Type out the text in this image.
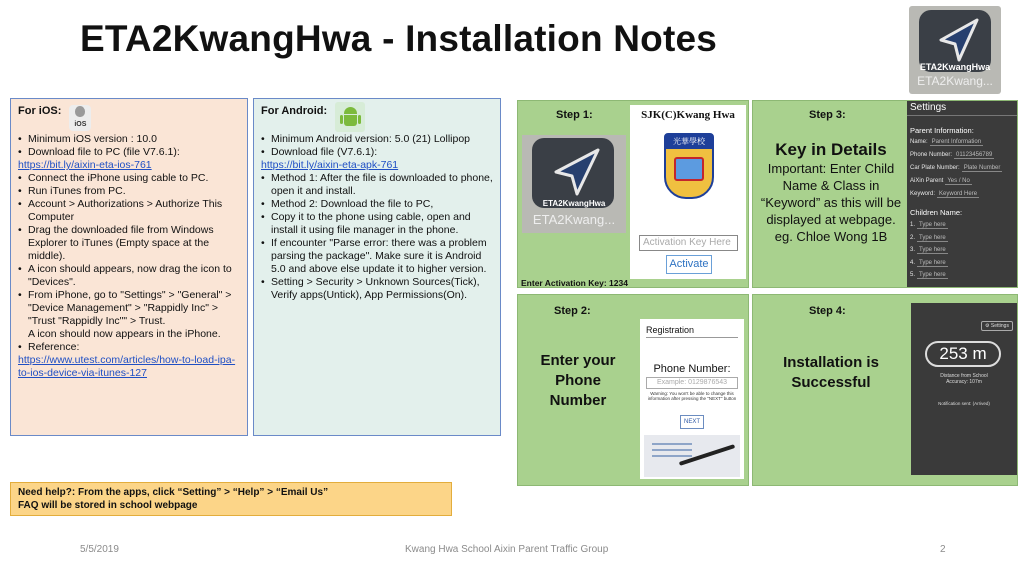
ETA2KwangHwa - Installation Notes
ETA2KwangHwa
ETA2Kwang...
For iOS:
iOS
• Minimum iOS version : 10.0
• Download file to PC (file V7.6.1):
https://bit.ly/aixin-eta-ios-761
• Connect the iPhone using cable to PC.
• Run iTunes from PC.
• Account > Authorizations > Authorize This Computer
• Drag the downloaded file from Windows Explorer to iTunes (Empty space at the middle).
• A icon should appears, now drag the icon to "Devices".
• From iPhone, go to "Settings" > "General" > "Device Management" > "Rappidly Inc" > "Trust "Rappidly Inc"" > Trust.
A icon should now appears in the iPhone.
• Reference:
https://www.utest.com/articles/how-to-load-ipa-to-ios-device-via-itunes-127
For Android:
• Minimum Android version: 5.0 (21) Lollipop
• Download file (V7.6.1):
https://bit.ly/aixin-eta-apk-761
• Method 1: After the file is downloaded to phone, open it and install.
• Method 2: Download the file to PC,
• Copy it to the phone using cable, open and install it using file manager in the phone.
• If encounter "Parse error: there was a problem parsing the package". Make sure it is Android 5.0 and above else update it to higher version.
• Setting > Security > Unknown Sources(Tick), Verify apps(Untick), App Permissions(On).
Step 1:
ETA2KwangHwa
ETA2Kwang...
SJK(C)Kwang Hwa
光華學校
Activation Key Here
Activate
Enter Activation Key: 1234
Step 2:
Enter your Phone Number
Registration
Phone Number:
Example: 0129876543
Warning: You won't be able to change this information after pressing the "NEXT" button
NEXT
Step 3:
Key in Details
Important: Enter Child Name & Class in “Keyword” as this will be displayed at webpage. eg. Chloe Wong 1B
Settings
Parent Information:
Name: Parent Information
Phone Number: 01123456789
Car Plate Number: Plate Number
AiXin Parent Yes / No
Keyword: Keyword Here
Children Name:
1. Type here
2. Type here
3. Type here
4. Type here
5. Type here
Step 4:
Installation is Successful
⚙ Settings
253 m
Distance from School
Accuracy: 107m
Notification sent: (Arrived)
Need help?: From the apps, click “Setting” > “Help” > “Email Us”
FAQ will be stored in school webpage
5/5/2019	Kwang Hwa School Aixin Parent Traffic Group	2
